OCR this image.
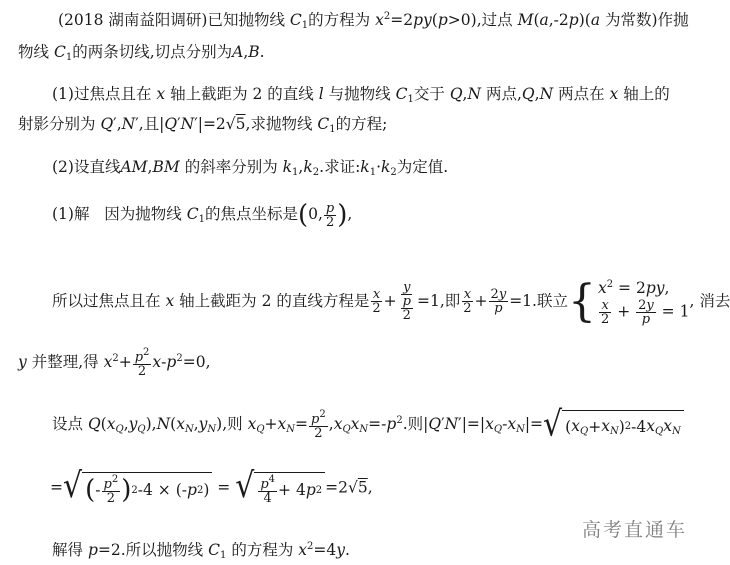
(2018 湖南益阳调研)已知抛物线 $C_1$的方程为 $x^2=2py(p>0)$,过点 M(a,-2p)(a 为常数)作抛
物线 $C_1$的两条切线,切点分别为A,B.
(1)过焦点且在 x 轴上截距为 2 的直线 l 与抛物线 $C_1$交于 Q,N 两点,Q,N 两点在 x 轴上的
射影分别为 Q′,N′,且|Q′N′|=2√5,求抛物线 $C_1$的方程;
(2)设直线AM,BM 的斜率分别为 $k_1,k_2$.求证$:k_1\cdot k_2$为定值.
(1)解 因为抛物线 $C_1$的焦点坐标是(0, $\frac{p}{2}$ ),
所以过焦点且在 x 轴上截距为 2 的直线方程是 $\frac{x}{2} + \frac{y}{\frac{p}{2}} =1$,即 $\frac{x}{2} + \frac{2y}{p} =1$.联立{ $x^2 = 2py$,
$\frac{x}{2} + \frac{2y}{p} = 1$
, 消去
y 并整理,得 $x^2+ \frac{p^2}{2} x-p^2=0$,
设点 $Q(x_Q,y_Q),N(x_N,y_N)$,则 $x_Q+x_N= \frac{p^2}{2} ,x_Qx_N=-p^2$.则$|Q'N'|=|x_Q-x_N|=$ √ ( $x_Q + x_N$ ) 2 -4 $x_Qx_N$
= √ ( - $\frac{p^2}{2}$ ) 2 -4 × (- p 2 ) = √ $\frac{p^4}{4} + 4$ p 2 =2√5,
解得 p=2.所以抛物线 $C_1$ 的方程为 $x^2=4y$.
高考直通车
